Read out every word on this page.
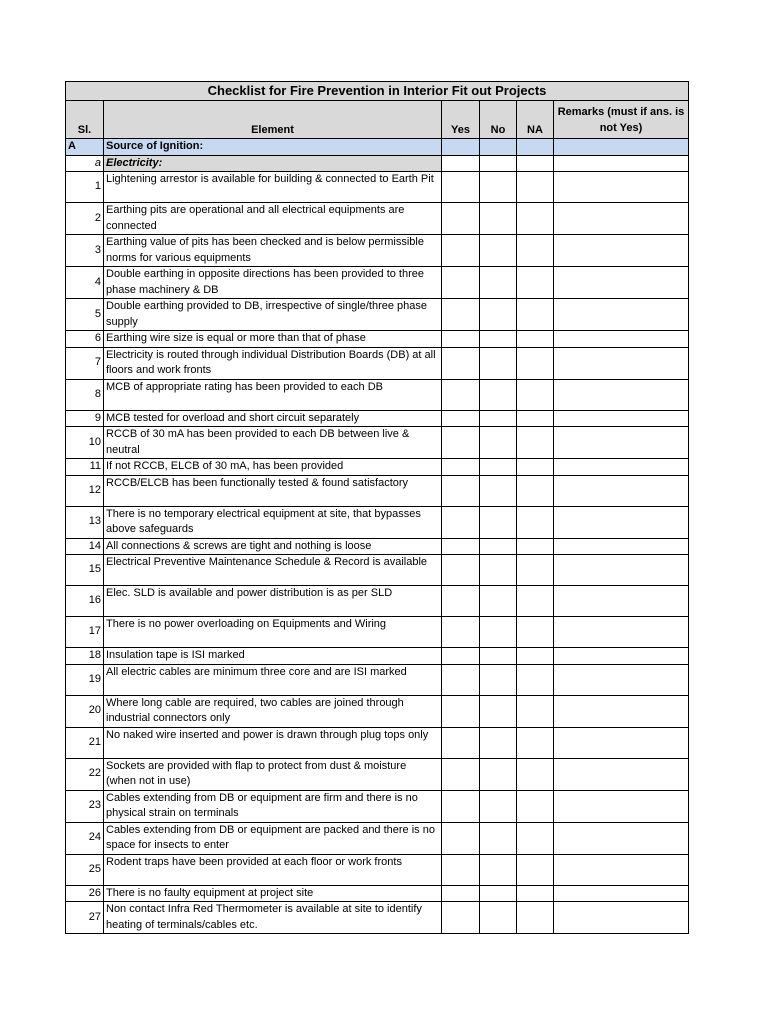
Checklist for Fire Prevention in Interior Fit out Projects					
Sl.	Element	Yes	No	NA	Remarks (must if ans. is not Yes)
A	Source of Ignition:				
a	Electricity:				
1	Lightening arrestor is available for building & connected to Earth Pit				
2	Earthing pits are operational and all electrical equipments are connected				
3	Earthing value of pits has been checked and is below permissible norms for various equipments				
4	Double earthing in opposite directions has been provided to three phase machinery & DB				
5	Double earthing provided to DB, irrespective of single/three phase supply				
6	Earthing wire size is equal or more than that of phase				
7	Electricity is routed through individual Distribution Boards (DB) at all floors and work fronts				
8	MCB of appropriate rating has been provided to each DB				
9	MCB tested for overload and short circuit separately				
10	RCCB of 30 mA has been provided to each DB between live & neutral				
11	If not RCCB, ELCB of 30 mA, has been provided				
12	RCCB/ELCB has been functionally tested & found satisfactory				
13	There is no temporary electrical equipment at site, that bypasses above safeguards				
14	All connections & screws are tight and nothing is loose				
15	Electrical Preventive Maintenance Schedule & Record is available				
16	Elec. SLD is available and power distribution is as per SLD				
17	There is no power overloading on Equipments and Wiring				
18	Insulation tape is ISI marked				
19	All electric cables are minimum three core and are ISI marked				
20	Where long cable are required, two cables are joined through industrial connectors only				
21	No naked wire inserted and power is drawn through plug tops only				
22	Sockets are provided with flap to protect from dust & moisture (when not in use)				
23	Cables extending from DB or equipment are firm and there is no physical strain on terminals				
24	Cables extending from DB or equipment are packed and there is no space for insects to enter				
25	Rodent traps have been provided at each floor or work fronts				
26	There is no faulty equipment at project site				
27	Non contact Infra Red Thermometer is available at site to identify heating of terminals/cables etc.				
